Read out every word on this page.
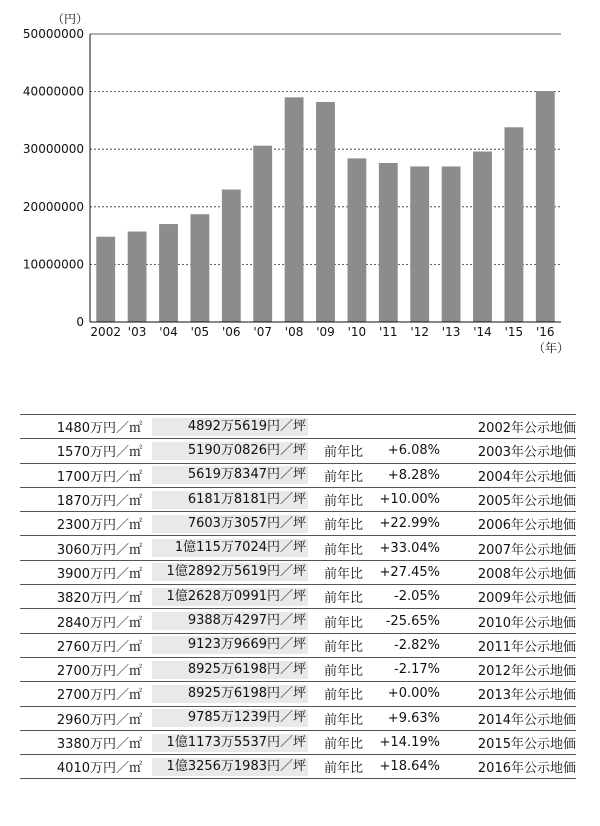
（円）
0
10000000
20000000
30000000
40000000
50000000
2002 '03 '04 '05 '06 '07 '08 '09 '10 '11 '12 '13 '14 '15 '16
（年）
1480万円／㎡	4892万5619円／坪				2002年公示地価
1570万円／㎡	5190万0826円／坪		前年比	+6.08%	2003年公示地価
1700万円／㎡	5619万8347円／坪		前年比	+8.28%	2004年公示地価
1870万円／㎡	6181万8181円／坪		前年比	+10.00%	2005年公示地価
2300万円／㎡	7603万3057円／坪		前年比	+22.99%	2006年公示地価
3060万円／㎡	1億115万7024円／坪		前年比	+33.04%	2007年公示地価
3900万円／㎡	1億2892万5619円／坪		前年比	+27.45%	2008年公示地価
3820万円／㎡	1億2628万0991円／坪		前年比	-2.05%	2009年公示地価
2840万円／㎡	9388万4297円／坪		前年比	-25.65%	2010年公示地価
2760万円／㎡	9123万9669円／坪		前年比	-2.82%	2011年公示地価
2700万円／㎡	8925万6198円／坪		前年比	-2.17%	2012年公示地価
2700万円／㎡	8925万6198円／坪		前年比	+0.00%	2013年公示地価
2960万円／㎡	9785万1239円／坪		前年比	+9.63%	2014年公示地価
3380万円／㎡	1億1173万5537円／坪		前年比	+14.19%	2015年公示地価
4010万円／㎡	1億3256万1983円／坪		前年比	+18.64%	2016年公示地価
